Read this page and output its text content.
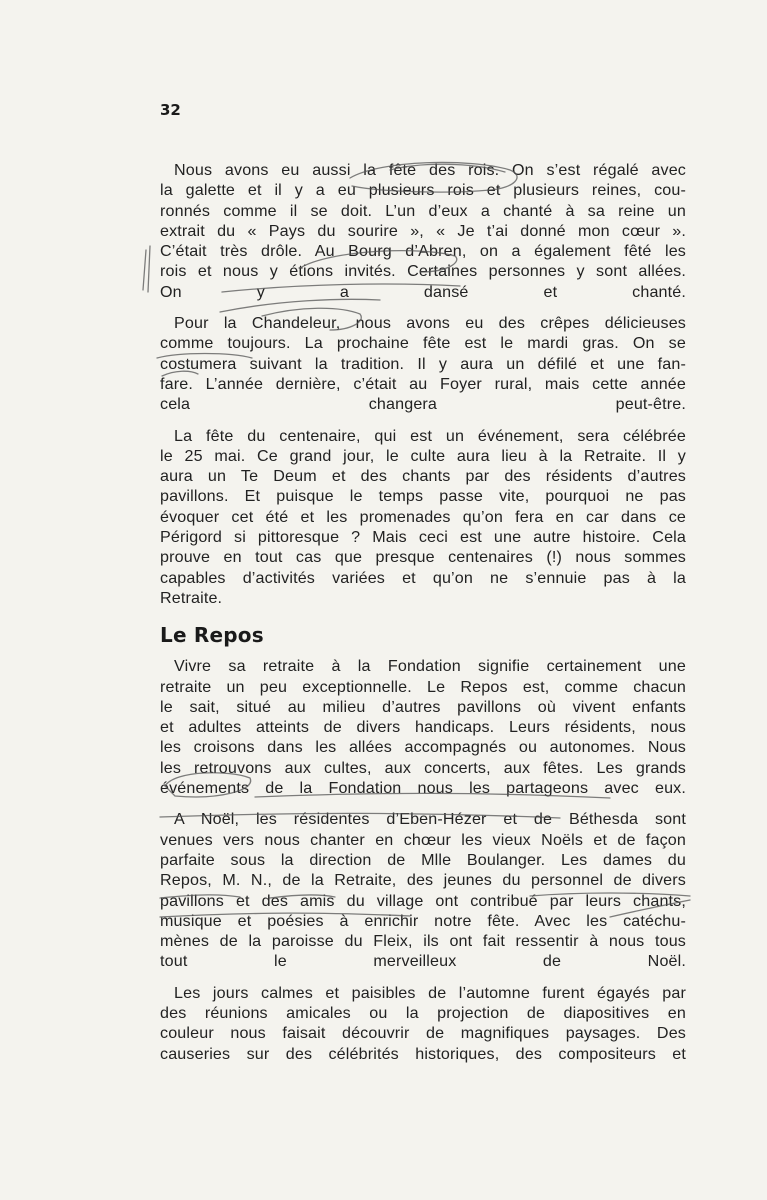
32

Nous avons eu aussi la fête des rois. On s’est régalé avec
la galette et il y a eu plusieurs rois et plusieurs reines, cou-
ronnés comme il se doit. L’un d’eux a chanté à sa reine un
extrait du « Pays du sourire », « Je t’ai donné mon cœur ».
C’était très drôle. Au Bourg d’Abren, on a également fêté les
rois et nous y étions invités. Certaines personnes y sont allées.
On y a dansé et chanté.

Pour la Chandeleur, nous avons eu des crêpes délicieuses
comme toujours. La prochaine fête est le mardi gras. On se
costumera suivant la tradition. Il y aura un défilé et une fan-
fare. L’année dernière, c’était au Foyer rural, mais cette année
cela changera peut-être.

La fête du centenaire, qui est un événement, sera célébrée
le 25 mai. Ce grand jour, le culte aura lieu à la Retraite. Il y
aura un Te Deum et des chants par des résidents d’autres
pavillons. Et puisque le temps passe vite, pourquoi ne pas
évoquer cet été et les promenades qu’on fera en car dans ce
Périgord si pittoresque ? Mais ceci est une autre histoire. Cela
prouve en tout cas que presque centenaires (!) nous sommes
capables d’activités variées et qu’on ne s’ennuie pas à la
Retraite.

Le Repos

Vivre sa retraite à la Fondation signifie certainement une
retraite un peu exceptionnelle. Le Repos est, comme chacun
le sait, situé au milieu d’autres pavillons où vivent enfants
et adultes atteints de divers handicaps. Leurs résidents, nous
les croisons dans les allées accompagnés ou autonomes. Nous
les retrouvons aux cultes, aux concerts, aux fêtes. Les grands
événements de la Fondation nous les partageons avec eux.

A Noël, les résidentes d’Eben-Hézer et de Béthesda sont
venues vers nous chanter en chœur les vieux Noëls et de façon
parfaite sous la direction de Mlle Boulanger. Les dames du
Repos, M. N., de la Retraite, des jeunes du personnel de divers
pavillons et des amis du village ont contribué par leurs chants,
musique et poésies à enrichir notre fête. Avec les catéchu-
mènes de la paroisse du Fleix, ils ont fait ressentir à nous tous
tout le merveilleux de Noël.

Les jours calmes et paisibles de l’automne furent égayés par
des réunions amicales ou la projection de diapositives en
couleur nous faisait découvrir de magnifiques paysages. Des
causeries sur des célébrités historiques, des compositeurs et
